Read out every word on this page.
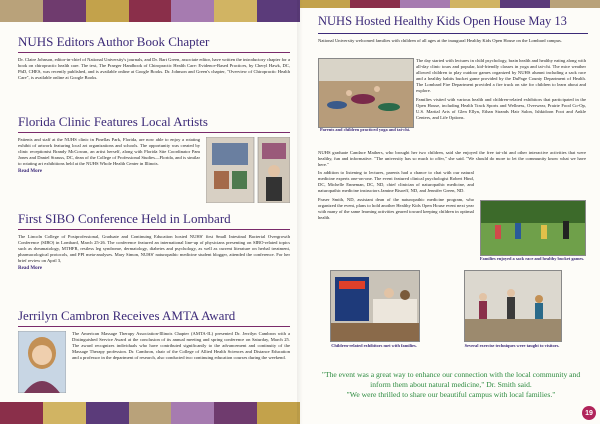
NUHS Editors Author Book Chapter

Dr. Claire Johnson, editor-in-chief of National University's journals, and Dr. Bart Green, associate editor, have written the introductory chapter for a book on chiropractic health care. The text, The Praeger Handbook of Chiropractic Health Care: Evidence-Based Practices, by Cheryl Hawk, DC, PhD, CHES, was recently published, and is available online at Google Books. Dr. Johnson and Green's chapter, "Overview of Chiropractic Health Care", is available online at Google Books.

Florida Clinic Features Local Artists

Patients and staff at the NUHS clinic in Pinellas Park, Florida, are now able to enjoy a rotating exhibit of artwork featuring local art organizations and schools. The opportunity was created by clinic receptionist Brandy McCowan, an artist herself, along with Florida Site Coordinator Pam Jones and Daniel Strauss, DC, dean of the College of Professional Studies—Florida, and is similar to rotating art exhibitions held at the NUHS Whole Health Center in Illinois.

Read More
First SIBO Conference Held in Lombard

The Lincoln College of Postprofessional, Graduate and Continuing Education hosted NUHS' first Small Intestinal Bacterial Overgrowth Conference (SIBO) in Lombard, March 25-26. The conference featured an international line-up of physicians presenting on SIBO-related topics such as rheumatology, MTHFR, restless leg syndrome, dermatology, diabetes and psychology, as well as current literature on herbal treatment, pharmacological protocols, and PPI meta-analyses. Mary Simon, NUHS' naturopathic medicine student blogger, attended the conference. For her brief review on April 3,

Read More
Jerrilyn Cambron Receives AMTA Award

The American Massage Therapy Association-Illinois Chapter (AMTA-IL) presented Dr. Jerrilyn Cambron with a Distinguished Service Award at the conclusion of its annual meeting and spring conference on Saturday, March 25. The award recognizes individuals who have contributed significantly to the advancement and continuity of the Massage Therapy profession. Dr. Cambron, chair of the College of Allied Health Sciences and Distance Education and a professor in the department of research, also conducted two continuing education courses during the weekend.

NUHS Hosted Healthy Kids Open House May 13

National University welcomed families with children of all ages at the inaugural Healthy Kids Open House on the Lombard campus.

Parents and children practiced yoga and tai-chi.

The day started with lectures in child psychology, brain health and healthy eating along with all-day clinic tours and popular, kid-friendly classes in yoga and tai-chi. The mice weather allowed children to play outdoor games organized by NUHS alumni including a sack race and a healthy habits bucket game provided by the DuPage County Department of Health. The Lombard Fire Department provided a fire truck on site for children to learn about and explore.

Families visited with various health and children-related exhibitors that participated in the Open House, including Health Track Sports and Wellness, Overwear, Prairie Food Co-Op, U.S. Martial Arts of Glen Ellyn, Ethan Strands Hair Salon, Ishkidoon Foot and Ankle Centers, and Life Options.

NUHS graduate Candace Mathers, who brought her two children, said she enjoyed the free tai-chi and other interactive activities that were healthy, fun and informative. "The university has so much to offer," she said. "We should do more to let the community know what we have here."

In addition to listening to lectures, parents had a chance to chat with our natural medicine experts one-on-one. The event featured clinical psychologist Robert Hind, DC, Michelle Enneman, DC, ND, chief clinician of naturopathic medicine, and naturopathic medicine instructors Jamine Bisoeff, ND, and Jennifer Green, ND.

Fraser Smith, ND, assistant dean of the naturopathic medicine program, who organized the event, plans to hold another Healthy Kids Open House event next year with many of the same learning activities geared toward keeping children in optimal health.

Families enjoyed a sack race and healthy bucket games.
Children-related exhibitors met with families.	Several exercise techniques were taught to visitors.
"The event was a great way to enhance our connection with the local community and inform them about natural medicine," Dr. Smith said.
"We were thrilled to share our beautiful campus with local families."
19
